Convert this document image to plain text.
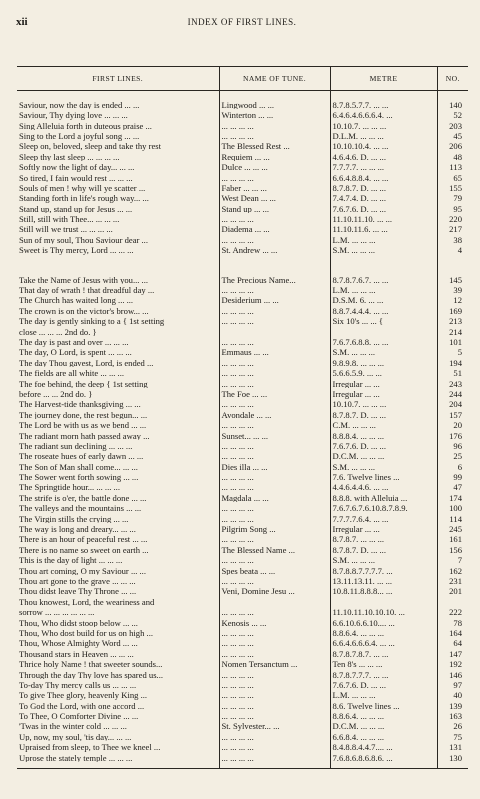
xii	INDEX OF FIRST LINES.
FIRST LINES.	NAME OF TUNE.	METRE	NO.

Saviour, now the day is ended ... ...	Lingwood ... ...	8.7.8.5.7.7. ... ...	140
Saviour, Thy dying love ... ... ...	Winterton ... ...	6.4.6.4.6.6.6.4. ...	52
Sing Alleluia forth in duteous praise ...	... ... ... ...	10.10.7. ... ... ...	203
Sing to the Lord a joyful song ... ...	... ... ... ...	D.L.M. ... ... ...	45
Sleep on, beloved, sleep and take thy rest	The Blessed Rest ...	10.10.10.4. ... ...	206
Sleep thy last sleep ... ... ... ...	Requiem ... ...	4.6.4.6. D. ... ...	48
Softly now the light of day... ... ...	Dulce ... ... ...	7.7.7.7. ... ... ...	113
So tired, I fain would rest ... ... ...	... ... ... ...	6.6.4.8.8.4. ... ...	65
Souls of men ! why will ye scatter ...	Faber ... ... ...	8.7.8.7. D. ... ...	155
Standing forth in life's rough way... ...	West Dean ... ...	7.4.7.4. D. ... ...	79
Stand up, stand up for Jesus ... ...	Stand up ... ...	7.6.7.6. D. ... ...	95
Still, still with Thee... ... ... ...	... ... ... ...	11.10.11.10. ... ...	220
Still will we trust ... ... ... ...	Diadema ... ...	11.10.11.6. ... ...	217
Sun of my soul, Thou Saviour dear ...	... ... ... ...	L.M. ... ... ...	38
Sweet is Thy mercy, Lord ... ... ...	St. Andrew ... ...	S.M. ... ... ...	4

Take the Name of Jesus with you... ...	The Precious Name...	8.7.8.7.6.7. ... ...	145
That day of wrath ! that dreadful day ...	... ... ... ...	L.M. ... ... ...	39
The Church has waited long ... ...	Desiderium ... ...	D.S.M. 6. ... ...	12
The crown is on the victor's brow... ...	... ... ... ...	8.8.7.4.4.4. ... ...	169
The day is gently sinking to a { 1st setting	... ... ... ...	Six 10's ... ... {	213
close ... ... ... 2nd do. }			214
The day is past and over ... ... ...	... ... ... ...	7.6.7.6.8.8. ... ...	101
The day, O Lord, is spent ... ... ...	Emmaus ... ...	S.M. ... ... ...	5
The day Thou gavest, Lord, is ended ...	... ... ... ...	9.8.9.8. ... ... ...	194
The fields are all white ... ... ...	... ... ... ...	5.6.6.5.9. ... ...	51
The foe behind, the deep { 1st setting	... ... ... ...	Irregular ... ...	243
before ... ... 2nd do. }	The Foe ... ...	Irregular ... ...	244
The Harvest-tide thanksgiving ... ...	... ... ... ...	10.10.7. ... ... ...	204
The journey done, the rest begun... ...	Avondale ... ...	8.7.8.7. D. ... ...	157
The Lord be with us as we bend ... ...	... ... ... ...	C.M. ... ... ...	20
The radiant morn hath passed away ...	Sunset... ... ...	8.8.8.4. ... ... ...	176
The radiant sun declining ... ... ...	... ... ... ...	7.6.7.6. D. ... ...	96
The roseate hues of early dawn ... ...	... ... ... ...	D.C.M. ... ... ...	25
The Son of Man shall come... ... ...	Dies illa ... ...	S.M. ... ... ...	6
The Sower went forth sowing ... ...	... ... ... ...	7.6. Twelve lines ...	99
The Springtide hour... ... ... ...	... ... ... ...	4.4.6.4.4.6. ... ...	47
The strife is o'er, the battle done ... ...	Magdala ... ...	8.8.8. with Alleluia ...	174
The valleys and the mountains ... ...	... ... ... ...	7.6.7.6.7.6.10.8.7.8.9.	100
The Virgin stills the crying ... ...	... ... ... ...	7.7.7.7.6.4. ... ...	114
The way is long and dreary... ... ...	Pilgrim Song ...	Irregular ... ...	245
There is an hour of peaceful rest ... ...	... ... ... ...	8.7.8.7. ... ... ...	161
There is no name so sweet on earth ...	The Blessed Name ...	8.7.8.7. D. ... ...	156
This is the day of light ... ... ...	... ... ... ...	S.M. ... ... ...	7
Thou art coming, O my Saviour ... ...	Spes beata ... ...	8.7.8.8.7.7.7.7. ...	162
Thou art gone to the grave ... ... ...	... ... ... ...	13.11.13.11. ... ...	231
Thou didst leave Thy Throne ... ...	Veni, Domine Jesu ...	10.8.11.8.8.8... ...	201
Thou knowest, Lord, the weariness and			
sorrow ... ... ... ... ... ...	... ... ... ...	11.10.11.10.10.10. ...	222
Thou, Who didst stoop below ... ...	Kenosis ... ...	6.6.10.6.6.10.... ...	78
Thou, Who dost build for us on high ...	... ... ... ...	8.8.6.4. ... ... ...	164
Thou, Whose Almighty Word ... ...	... ... ... ...	6.6.4.6.6.6.4. ... ...	64
Thousand stars in Heaven ... ... ...	... ... ... ...	8.7.8.7.8.7. ... ...	147
Thrice holy Name ! that sweeter sounds...	Nomen Tersanctum ...	Ten 8's ... ... ...	192
Through the day Thy love has spared us...	... ... ... ...	8.7.8.7.7.7. ... ...	146
To-day Thy mercy calls us ... ... ...	... ... ... ...	7.6.7.6. D. ... ...	97
To give Thee glory, heavenly King ...	... ... ... ...	L.M. ... ... ...	40
To God the Lord, with one accord ...	... ... ... ...	8.6. Twelve lines ...	139
To Thee, O Comforter Divine ... ...	... ... ... ...	8.8.6.4. ... ... ...	163
'Twas in the winter cold ... ... ...	St. Sylvester... ...	D.C.M. ... ... ...	26
Up, now, my soul, 'tis day... ... ...	... ... ... ...	6.6.8.4. ... ... ...	75
Upraised from sleep, to Thee we kneel ...	... ... ... ...	8.4.8.8.4.4.7.... ...	131
Uprose the stately temple ... ... ...	... ... ... ...	7.6.8.6.8.6.8.6. ...	130
